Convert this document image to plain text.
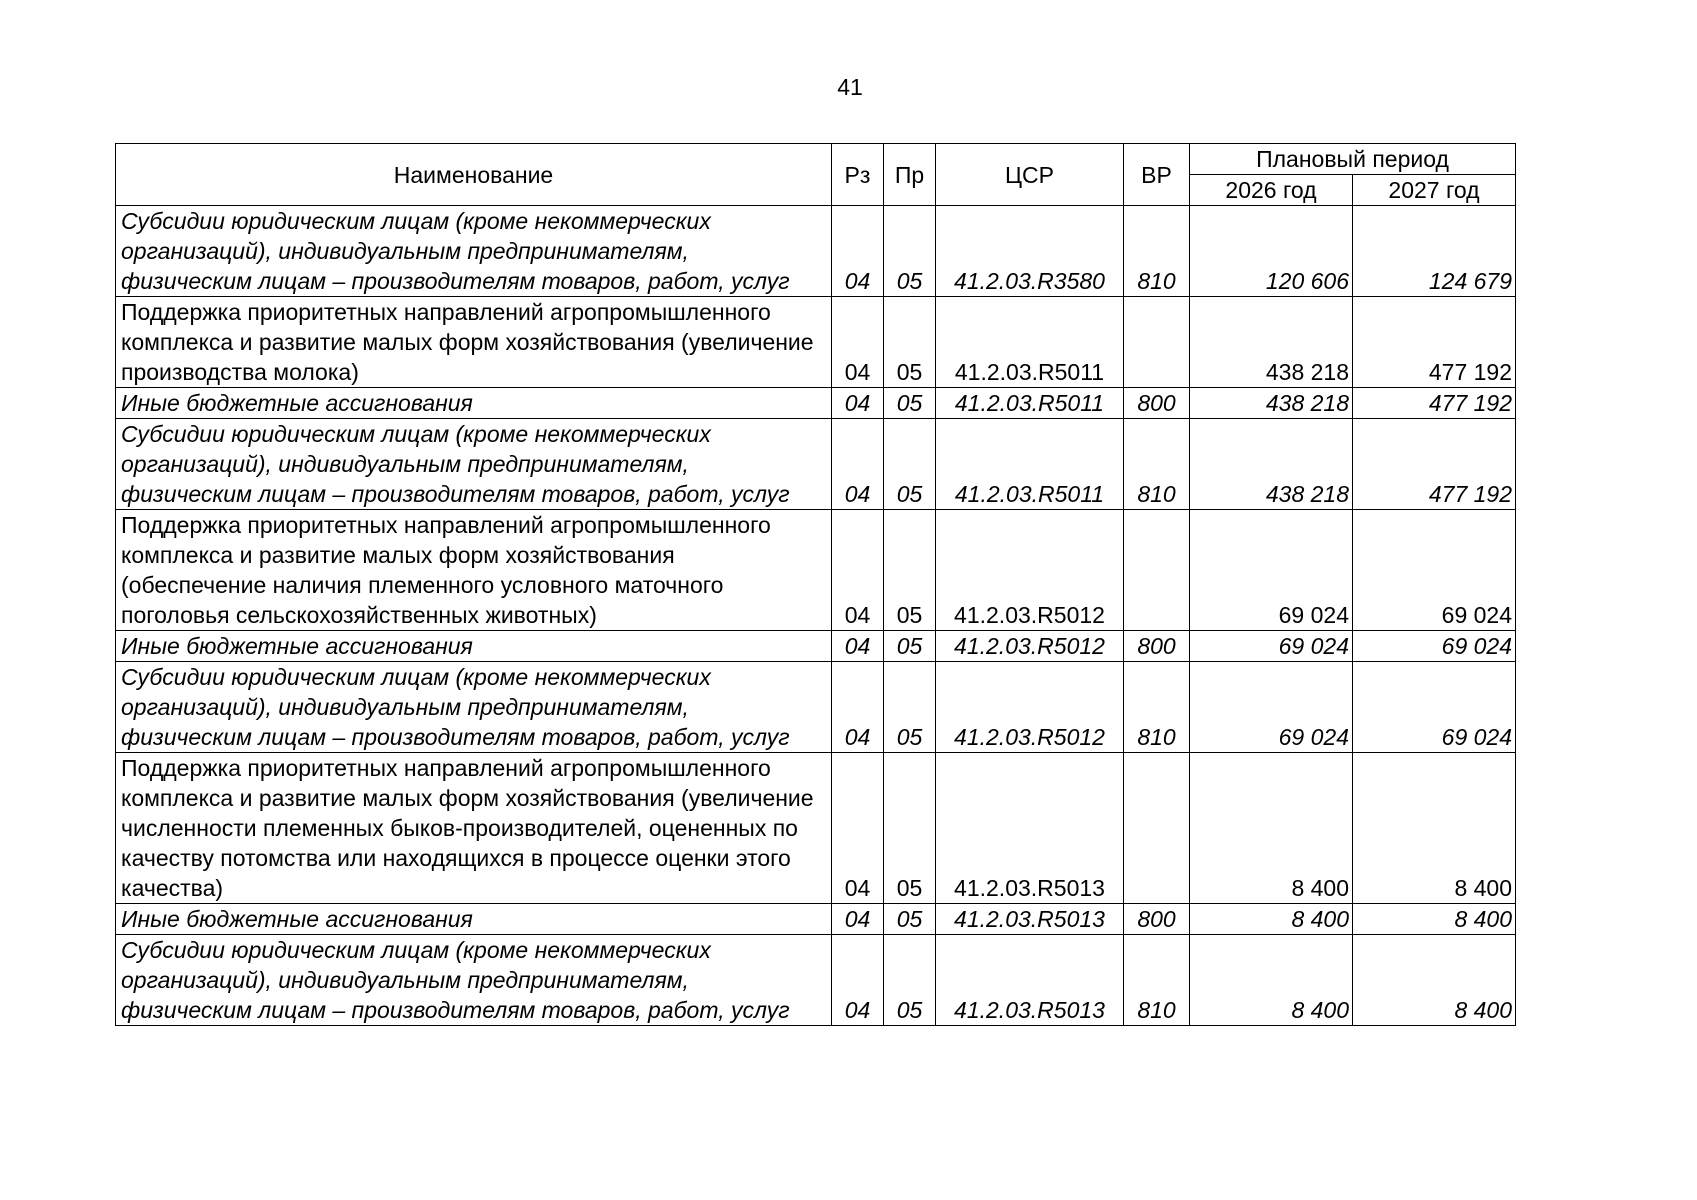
41
Наименование	Рз	Пр	ЦСР	ВР	Плановый период	
					2026 год	2027 год
Субсидии юридическим лицам (кроме некоммерческих организаций), индивидуальным предпринимателям, физическим лицам – производителям товаров, работ, услуг	04	05	41.2.03.R3580	810	120 606	124 679
Поддержка приоритетных направлений агропромышленного комплекса и развитие малых форм хозяйствования (увеличение производства молока)	04	05	41.2.03.R5011		438 218	477 192
Иные бюджетные ассигнования	04	05	41.2.03.R5011	800	438 218	477 192
Субсидии юридическим лицам (кроме некоммерческих организаций), индивидуальным предпринимателям, физическим лицам – производителям товаров, работ, услуг	04	05	41.2.03.R5011	810	438 218	477 192
Поддержка приоритетных направлений агропромышленного комплекса и развитие малых форм хозяйствования (обеспечение наличия племенного условного маточного поголовья сельскохозяйственных животных)	04	05	41.2.03.R5012		69 024	69 024
Иные бюджетные ассигнования	04	05	41.2.03.R5012	800	69 024	69 024
Субсидии юридическим лицам (кроме некоммерческих организаций), индивидуальным предпринимателям, физическим лицам – производителям товаров, работ, услуг	04	05	41.2.03.R5012	810	69 024	69 024
Поддержка приоритетных направлений агропромышленного комплекса и развитие малых форм хозяйствования (увеличение численности племенных быков-производителей, оцененных по качеству потомства или находящихся в процессе оценки этого качества)	04	05	41.2.03.R5013		8 400	8 400
Иные бюджетные ассигнования	04	05	41.2.03.R5013	800	8 400	8 400
Субсидии юридическим лицам (кроме некоммерческих организаций), индивидуальным предпринимателям, физическим лицам – производителям товаров, работ, услуг	04	05	41.2.03.R5013	810	8 400	8 400
